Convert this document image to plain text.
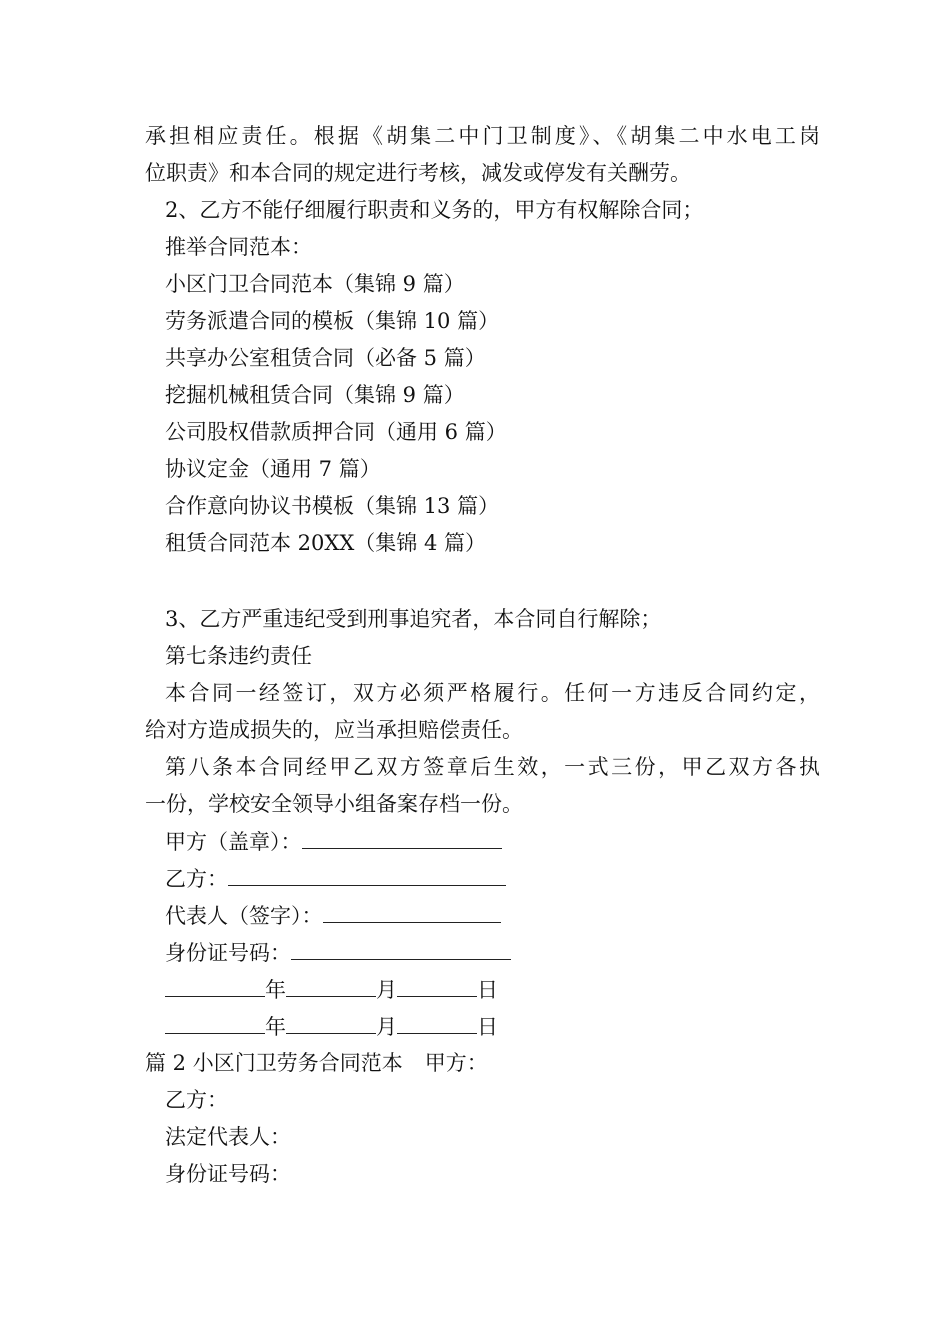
承担相应责任。根据《胡集二中门卫制度》、《胡集二中水电工岗
位职责》和本合同的规定进行考核，减发或停发有关酬劳。
2、乙方不能仔细履行职责和义务的，甲方有权解除合同；
推举合同范本：
小区门卫合同范本（集锦 9 篇）
劳务派遣合同的模板（集锦 10 篇）
共享办公室租赁合同（必备 5 篇）
挖掘机械租赁合同（集锦 9 篇）
公司股权借款质押合同（通用 6 篇）
协议定金（通用 7 篇）
合作意向协议书模板（集锦 13 篇）
租赁合同范本 20XX（集锦 4 篇）
3、乙方严重违纪受到刑事追究者，本合同自行解除；
第七条违约责任
本合同一经签订，双方必须严格履行。任何一方违反合同约定，
给对方造成损失的，应当承担赔偿责任。
第八条本合同经甲乙双方签章后生效，一式三份，甲乙双方各执
一份，学校安全领导小组备案存档一份。
甲方（盖章）：
乙方：
代表人（签字）：
身份证号码：
年	月	日
年	月	日
篇 2 小区门卫劳务合同范本 甲方：
乙方：
法定代表人：
身份证号码：
